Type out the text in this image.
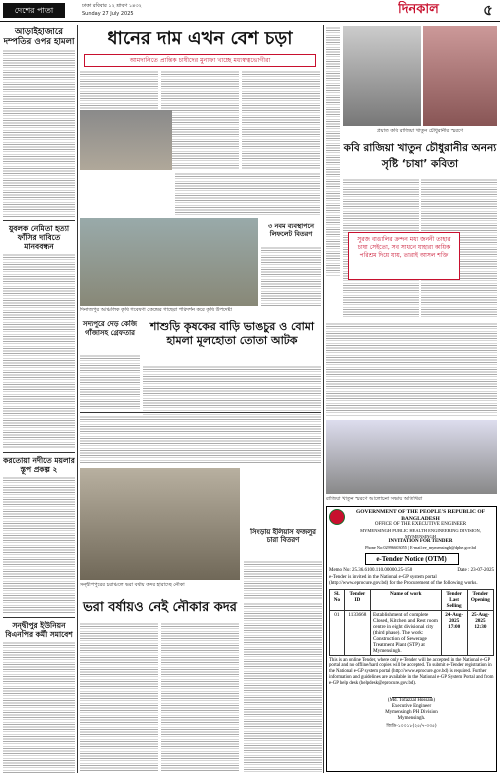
দেশের পাতা	ঢাকা রবিবার ১২ শ্রাবণ ১৪৩২
Sunday 27 July 2025	দিনকাল	৫
আড়াইহাজারে দম্পতির ওপর হামলা
যুবলক নেমি‌তা হত্যা ফাঁসির দাবিতে মানববন্ধন
করতোয়া নদীতে ময়লার স্তূপ প্রকল্প ২
সন্দ্বীপুর ইউনিয়ন বিএনপির কর্মী সমাবেশ
ধানের দাম এখন বেশ চড়া
আমদানিতে প্রান্তিক চাষীদের মুনাফা খাচ্ছে মধ্যস্বত্বভোগীরা
দিনাজপুর আঞ্চলিক কৃষি গবেষণা কেন্দ্রের গাছেরা পরিদর্শন করে কৃষি উপদেষ্টা
৩ নবম ব্যবস্থাপনে লিফলেট বিতরণ
সদ্যপুরে দেড় কেজি গাঁজাসহ গ্রেফতার	শাশুড়ি কৃষকের বাড়ি ভাঙচুর ও বোমা হামলা মূলহোতা তোতা আটক
সন্দ্বীপপুরের চরাঞ্চলে ভরা বর্ষায় কদর হারাচ্ছে নৌকা
সিংড়ায় ইলিয়াস ফজলুর চারা বিতরণ
ভরা বর্ষায়ও নেই নৌকার কদর
প্রয়াত কবি রাজিয়া খাতুন চৌধুরানীর স্মরণে
কবি রাজিয়া খাতুন চৌধুরানীর অনন্য সৃষ্টি ‘চাষা’ কবিতা
সুরজ বাঙালির ক্রন্দন মধ্য জননী তাহার চাষা সেইতো, সব সাধনে যাহারা কায়িক পরিশ্রম দিয়ে যায়, তারাই আসল শক্তি
রাজিয়া খাতুন স্মরণে আলোচনা সভায় অতিথিরা
GOVERNMENT OF THE PEOPLE'S REPUBLIC OF BANGLADESH
OFFICE OF THE EXECUTIVE ENGINEER
MYMENSINGH PUBLIC HEALTH ENGINEERING DIVISION, MYMENSINGH
INVITATION FOR TENDER
Phone No:02996603055 | E-mail:ee_mymensingh@dphe.gov.bd
e-Tender Notice (OTM)
Memo No: 25.36.6100.110.00000.25-150	Date : 23-07-2025
e-Tender is invited in the National e-GP system portal (http://www.eprocure.gov.bd) for the Procurement of the following works.
Sl. No	Tender ID	Name of work	Tender Last Selling	Tender Opening
01	1133668	Establishment of complete Closed, Kitchen and Rest room centre in eight divisional city (third phase). The work: Construction of Sewerage Treatment Plant (STP) at Mymensingh.	24-Aug-2025 17:00	25-Aug-2025 12:30
This is an online Tender, where only e-Tender will be accepted in the National e-GP portal and no offline/hard copies will be accepted. To submit e-Tender registration in the National e-GP system portal (http://www.eprocure.gov.bd) is required. Further information and guidelines are available in the National e-GP System Portal and from e-GP help desk (helpdesk@eprocure.gov.bd).
(Md. Tofazzal Hossain)
Executive Engineer
Mymensingh PH Division
Mymensingh.
জিডি-১০০১৮(২৫/৭-৩৩৫)
